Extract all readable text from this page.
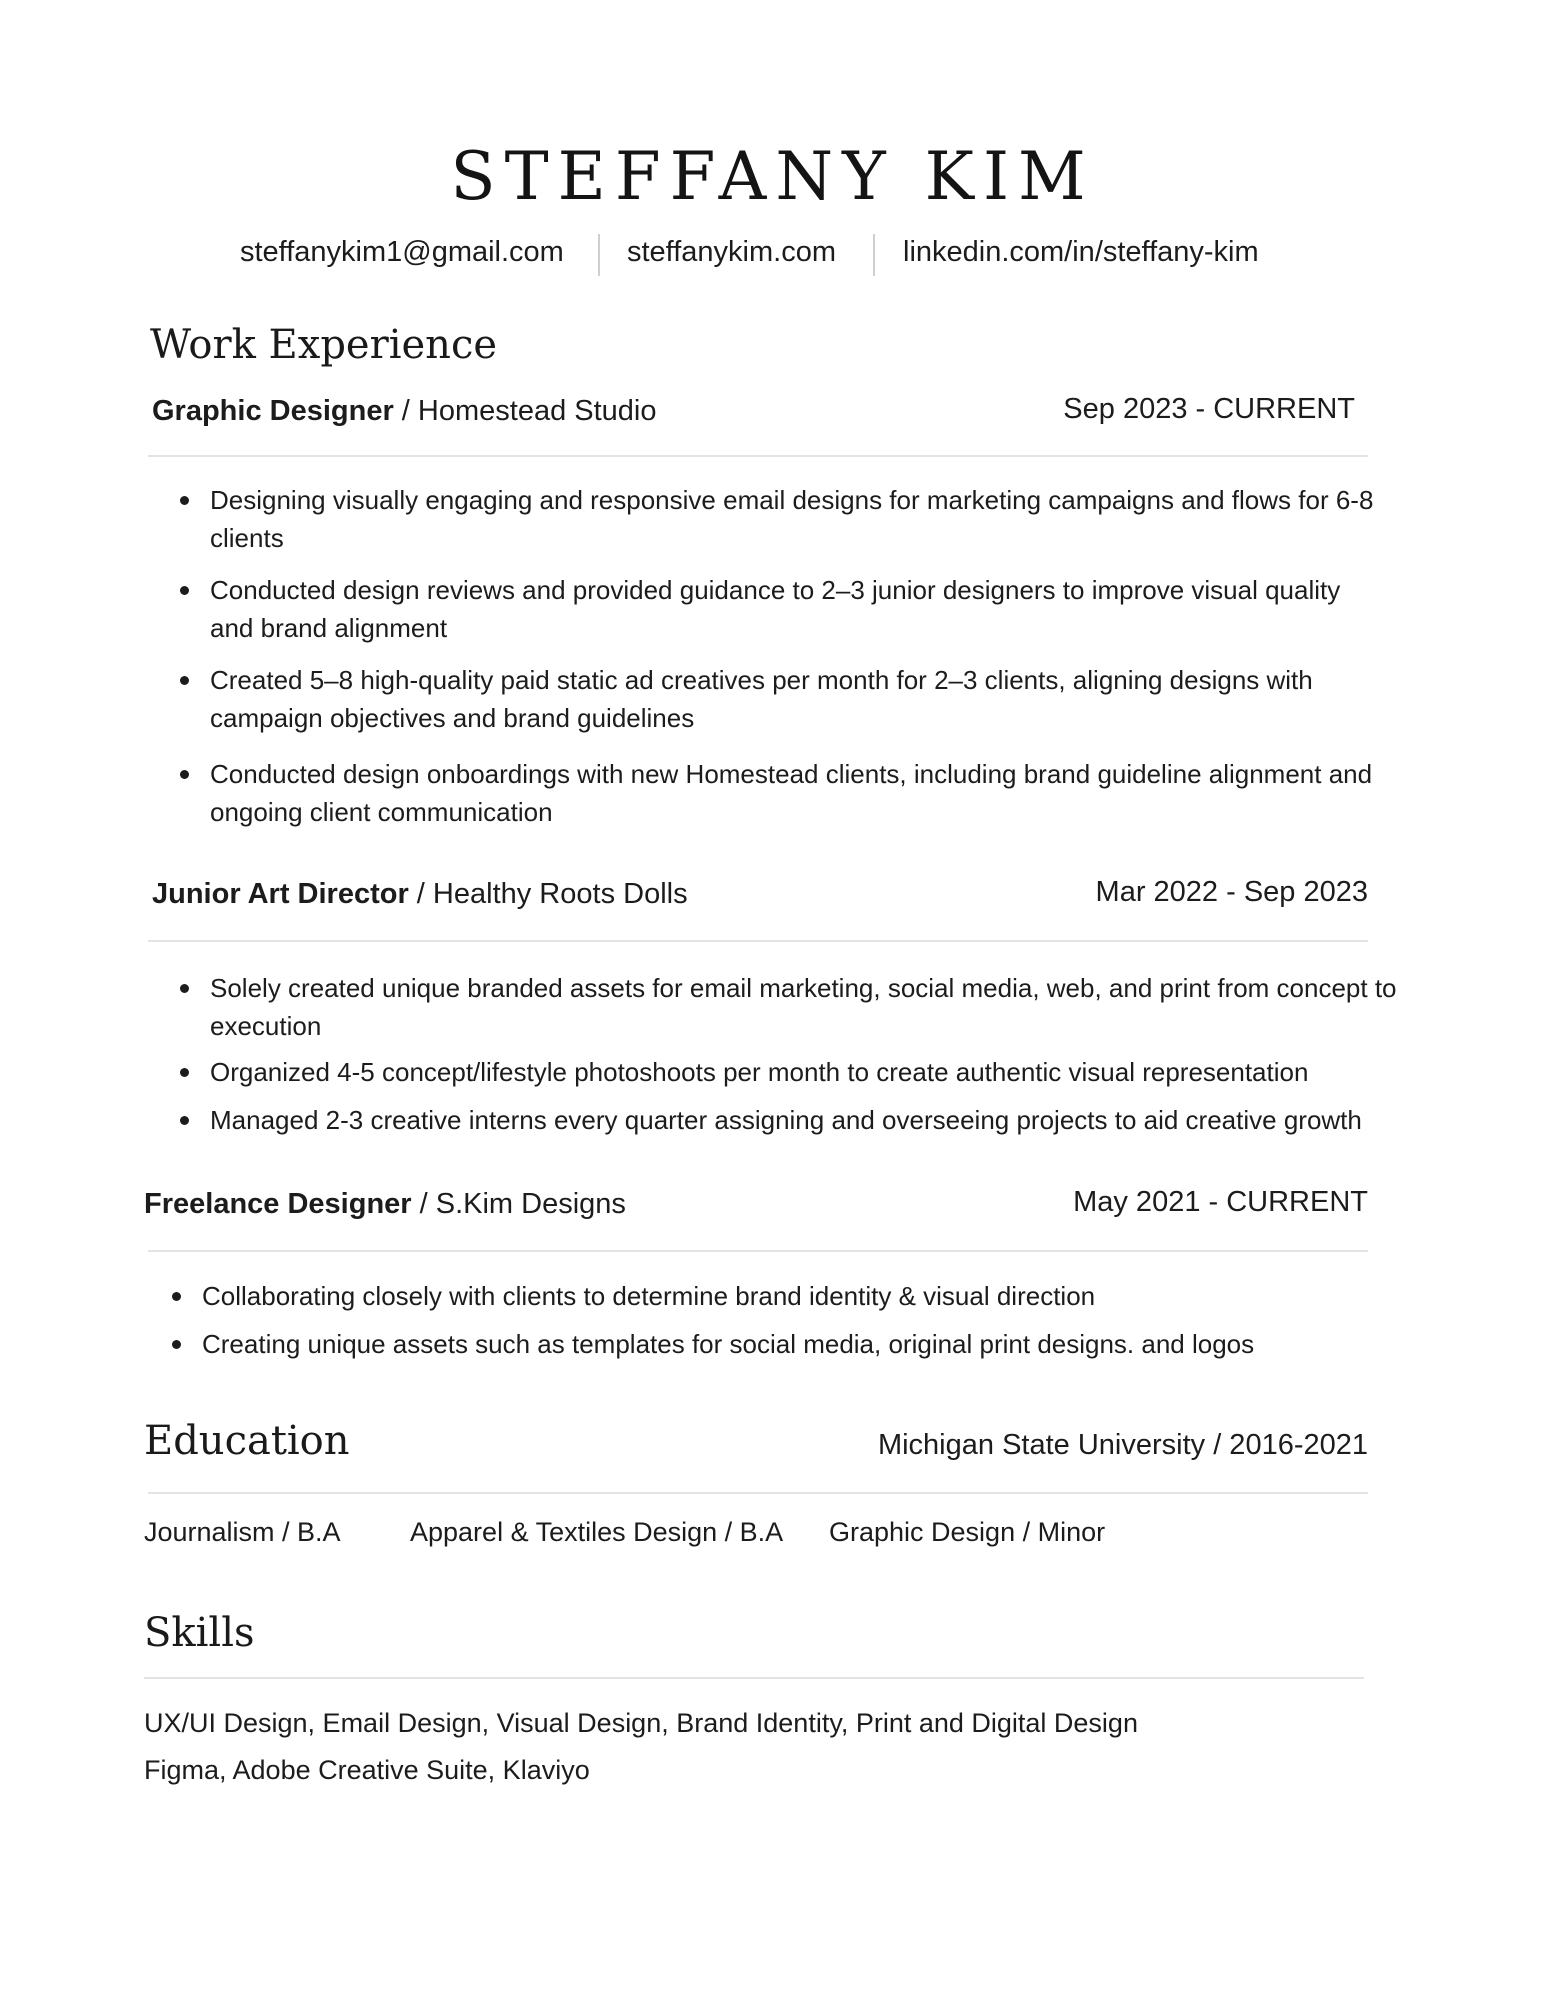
STEFFANY KIM
steffanykim1@gmail.com steffanykim.com linkedin.com/in/steffany-kim
Work Experience
Graphic Designer / Homestead Studio	Sep 2023 - CURRENT
Designing visually engaging and responsive email designs for marketing campaigns and flows for 6-8 clients
Conducted design reviews and provided guidance to 2–3 junior designers to improve visual quality and brand alignment
Created 5–8 high-quality paid static ad creatives per month for 2–3 clients, aligning designs with campaign objectives and brand guidelines
Conducted design onboardings with new Homestead clients, including brand guideline alignment and ongoing client communication
Junior Art Director / Healthy Roots Dolls	Mar 2022 - Sep 2023
Solely created unique branded assets for email marketing, social media, web, and print from concept to execution
Organized 4-5 concept/lifestyle photoshoots per month to create authentic visual representation
Managed 2-3 creative interns every quarter assigning and overseeing projects to aid creative growth
Freelance Designer / S.Kim Designs	May 2021 - CURRENT
Collaborating closely with clients to determine brand identity & visual direction
Creating unique assets such as templates for social media, original print designs. and logos
Education	Michigan State University / 2016-2021
Journalism / B.A	Apparel & Textiles Design / B.A Graphic Design / Minor
Skills
UX/UI Design, Email Design, Visual Design, Brand Identity, Print and Digital Design
Figma, Adobe Creative Suite, Klaviyo
